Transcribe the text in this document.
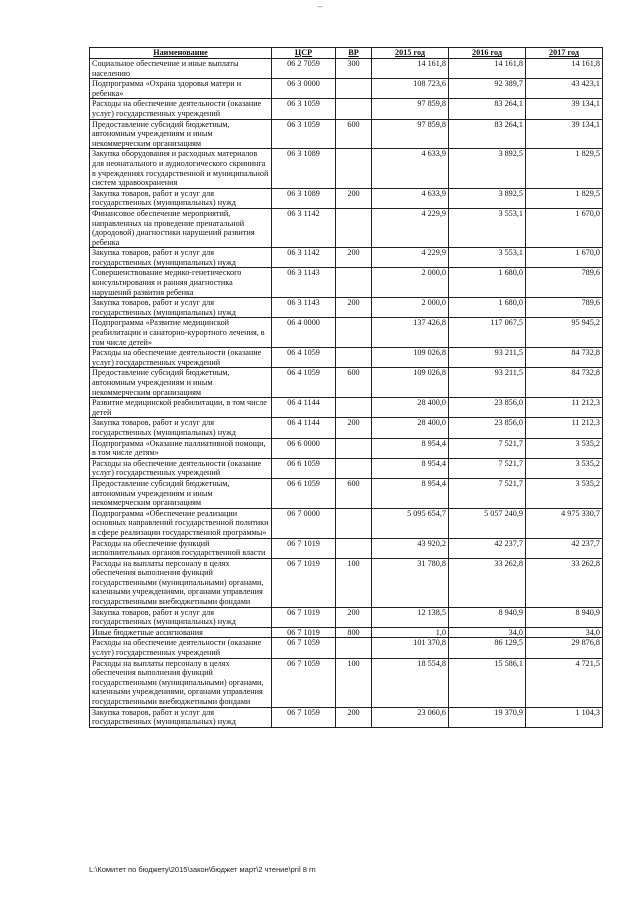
--
Наименование	ЦСР	ВР	2015 год	2016 год	2017 год
Социальное обеспечение и иные выплаты населению	06 2 7059	300	14 161,8	14 161,8	14 161,8
Подпрограмма «Охрана здоровья матери и ребенка»	06 3 0000		108 723,6	92 389,7	43 423,1
Расходы на обеспечение деятельности (оказание услуг) государственных учреждений	06 3 1059		97 859,8	83 264,1	39 134,1
Предоставление субсидий бюджетным, автономным учреждениям и иным некоммерческим организациям	06 3 1059	600	97 859,8	83 264,1	39 134,1
Закупка оборудования и расходных материалов для неонатального и аудиологического скрининга в учреждениях государственной и муниципальной систем здравоохранения	06 3 1089		4 633,9	3 892,5	1 829,5
Закупка товаров, работ и услуг для государственных (муниципальных) нужд	06 3 1089	200	4 633,9	3 892,5	1 829,5
Финансовое обеспечение мероприятий, направленных на проведение пренатальной (дородовой) диагностики нарушений развития ребенка	06 3 1142		4 229,9	3 553,1	1 670,0
Закупка товаров, работ и услуг для государственных (муниципальных) нужд	06 3 1142	200	4 229,9	3 553,1	1 670,0
Совершенствование медико-генетического консультирования и ранняя диагностика нарушений развития ребенка	06 3 1143		2 000,0	1 680,0	789,6
Закупка товаров, работ и услуг для государственных (муниципальных) нужд	06 3 1143	200	2 000,0	1 680,0	789,6
Подпрограмма «Развитие медицинской реабилитации и санаторно-курортного лечения, в том числе детей»	06 4 0000		137 426,8	117 067,5	95 945,2
Расходы на обеспечение деятельности (оказание услуг) государственных учреждений	06 4 1059		109 026,8	93 211,5	84 732,8
Предоставление субсидий бюджетным, автономным учреждениям и иным некоммерческим организациям	06 4 1059	600	109 026,8	93 211,5	84 732,8
Развитие медицинской реабилитации, в том числе детей	06 4 1144		28 400,0	23 856,0	11 212,3
Закупка товаров, работ и услуг для государственных (муниципальных) нужд	06 4 1144	200	28 400,0	23 856,0	11 212,3
Подпрограмма «Оказание паллиативной помощи, в том числе детям»	06 6 0000		8 954,4	7 521,7	3 535,2
Расходы на обеспечение деятельности (оказание услуг) государственных учреждений	06 6 1059		8 954,4	7 521,7	3 535,2
Предоставление субсидий бюджетным, автономным учреждениям и иным некоммерческим организациям	06 6 1059	600	8 954,4	7 521,7	3 535,2
Подпрограмма «Обеспечение реализации основных направлений государственной политики в сфере реализации государственной программы»	06 7 0000		5 095 654,7	5 057 240,9	4 975 330,7
Расходы на обеспечение функций исполнительных органов государственной власти	06 7 1019		43 920,2	42 237,7	42 237,7
Расходы на выплаты персоналу в целях обеспечения выполнения функций государственными (муниципальными) органами, казенными учреждениями, органами управления государственными внебюджетными фондами	06 7 1019	100	31 780,8	33 262,8	33 262,8
Закупка товаров, работ и услуг для государственных (муниципальных) нужд	06 7 1019	200	12 138,5	8 940,9	8 940,9
Иные бюджетные ассигнования	06 7 1019	800	1,0	34,0	34,0
Расходы на обеспечение деятельности (оказание услуг) государственных учреждений	06 7 1059		101 370,8	86 129,5	29 876,8
Расходы на выплаты персоналу в целях обеспечения выполнения функций государственными (муниципальными) органами, казенными учреждениями, органами управления государственными внебюджетными фондами	06 7 1059	100	18 554,8	15 586,1	4 721,5
Закупка товаров, работ и услуг для государственных (муниципальных) нужд	06 7 1059	200	23 060,6	19 370,9	1 104,3
L:\Комитет по бюджету\2015\закон\бюджет март\2 чтение\pril 8 rn
